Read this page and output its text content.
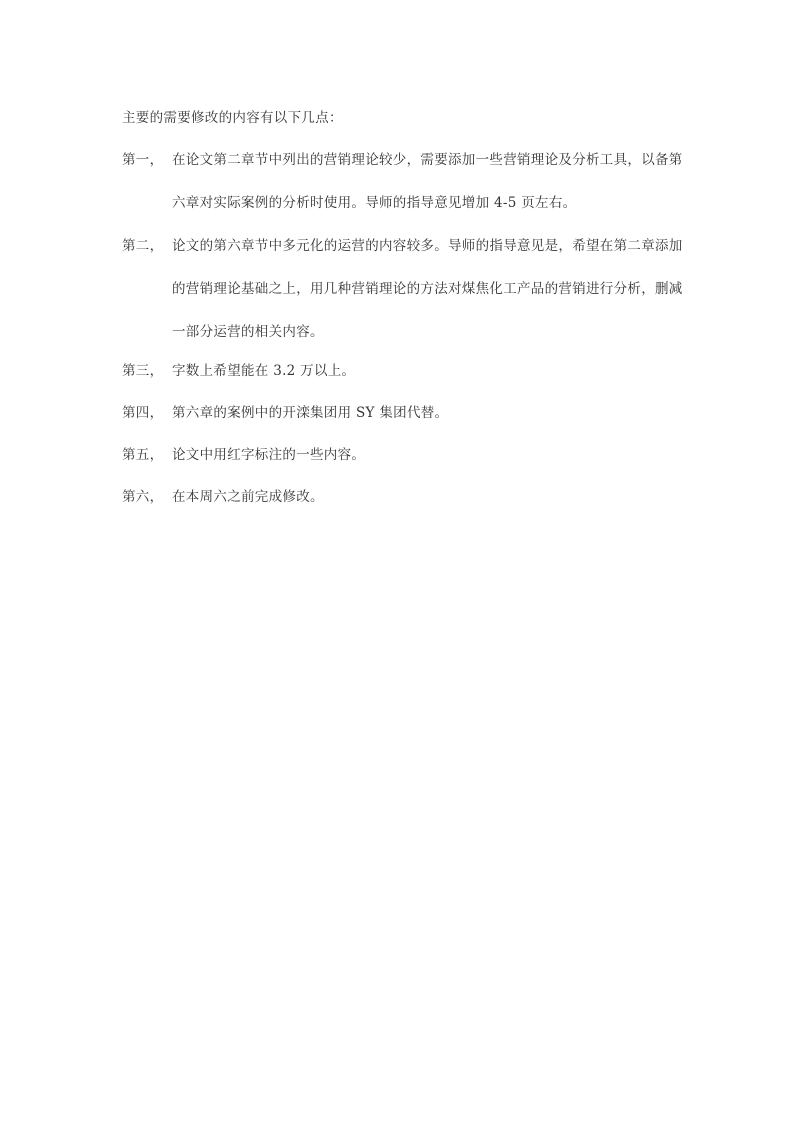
主要的需要修改的内容有以下几点：
第一， 在论文第二章节中列出的营销理论较少，需要添加一些营销理论及分析工具，以备第六章对实际案例的分析时使用。导师的指导意见增加 4-5 页左右。
第二， 论文的第六章节中多元化的运营的内容较多。导师的指导意见是，希望在第二章添加的营销理论基础之上，用几种营销理论的方法对煤焦化工产品的营销进行分析，删减一部分运营的相关内容。
第三， 字数上希望能在 3.2 万以上。
第四， 第六章的案例中的开滦集团用 SY 集团代替。
第五， 论文中用红字标注的一些内容。
第六， 在本周六之前完成修改。
